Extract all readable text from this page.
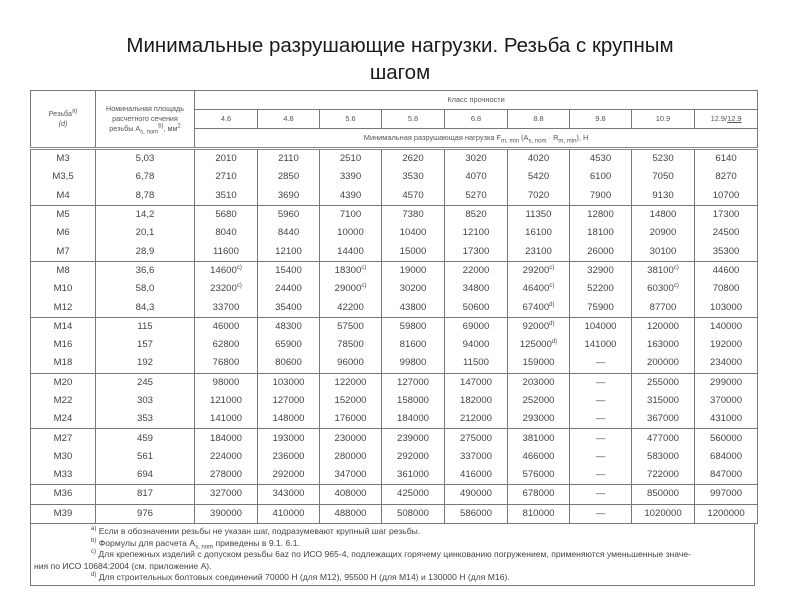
Минимальные разрушающие нагрузки. Резьба с крупным шагом
Резьба$^{a)}$
(d)	Номинальная площадь
расчетного сечения
резьбы $A_{s, nom}^{b)}$, $мм^2$	Класс прочности								
		4.6	4.8	5.6	5.8	6.8	8.8	9.8	10.9	12.9/12.9
		Минимальная разрушающая нагрузка $F_{m, min}$ $(A_{s, nom} \cdot R_{m, min})$, Н								
M3	5,03	2010	2110	2510	2620	3020	4020	4530	5230	6140
M3,5	6,78	2710	2850	3390	3530	4070	5420	6100	7050	8270
M4	8,78	3510	3690	4390	4570	5270	7020	7900	9130	10700
M5	14,2	5680	5960	7100	7380	8520	11350	12800	14800	17300
M6	20,1	8040	8440	10000	10400	12100	16100	18100	20900	24500
M7	28,9	11600	12100	14400	15000	17300	23100	26000	30100	35300
M8	36,6	14600$^{c)}$	15400	18300$^{c)}$	19000	22000	29200$^{c)}$	32900	38100$^{c)}$	44600
M10	58,0	23200$^{c)}$	24400	29000$^{c)}$	30200	34800	46400$^{c)}$	52200	60300$^{c)}$	70800
M12	84,3	33700	35400	42200	43800	50600	67400$^{d)}$	75900	87700	103000
M14	115	46000	48300	57500	59800	69000	92000$^{d)}$	104000	120000	140000
M16	157	62800	65900	78500	81600	94000	125000$^{d)}$	141000	163000	192000
M18	192	76800	80600	96000	99800	11500	159000	—	200000	234000
M20	245	98000	103000	122000	127000	147000	203000	—	255000	299000
M22	303	121000	127000	152000	158000	182000	252000	—	315000	370000
M24	353	141000	148000	176000	184000	212000	293000	—	367000	431000
M27	459	184000	193000	230000	239000	275000	381000	—	477000	560000
M30	561	224000	236000	280000	292000	337000	466000	—	583000	684000
M33	694	278000	292000	347000	361000	416000	576000	—	722000	847000
M36	817	327000	343000	408000	425000	490000	678000	—	850000	997000
M39	976	390000	410000	488000	508000	586000	810000	—	1020000	1200000
$^{a)}$ Если в обозначении резьбы не указан шаг, подразумевают крупный шаг резьбы.
$^{b)}$ Формулы для расчета $A_{s, nom}$ приведены в 9.1. 6.1.
$^{c)}$ Для крепежных изделий с допуском резьбы 6az по ИСО 965-4, подлежащих горячему цинкованию погружением, применяются уменьшенные значе-
ния по ИСО 10684:2004 (см. приложение А).
$^{d)}$ Для строительных болтовых соединений 70000 Н (для M12), 95500 Н (для M14) и 130000 Н (для M16).
